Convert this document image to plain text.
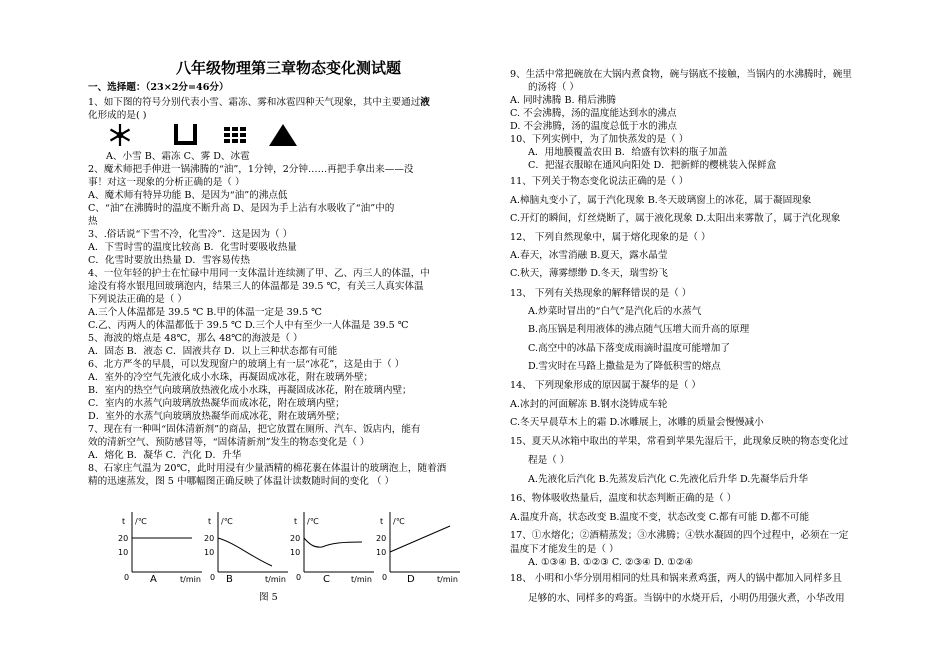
八年级物理第三章物态变化测试题
一、选择题：（23×2分=46分）
1、如下图的符号分别代表小雪、霜冻、雾和冰雹四种天气现象，其中主要通过液
化形成的是( )
A、小雪 B、霜冻 C、雾 D、冰雹
2、魔术师把手伸进一锅沸腾的“油”，1分钟，2分钟……再把手拿出来——没
事！对这一现象的分析正确的是（ ）
A、魔术师有特异功能 B、是因为“油”的沸点低
C、“油”在沸腾时的温度不断升高 D、是因为手上沾有水吸收了“油”中的
热
3、.俗话说“下雪不冷，化雪冷”．这是因为（ ）
A．下雪时雪的温度比较高 B．化雪时要吸收热量
C．化雪时要放出热量 D．雪容易传热
4、一位年轻的护士在忙碌中用同一支体温计连续测了甲、乙、丙三人的体温，中
途没有将水银甩回玻璃泡内，结果三人的体温都是 39.5 ℃，有关三人真实体温
下列说法正确的是（ ）
A.三个人体温都是 39.5 ℃ B.甲的体温一定是 39.5 ℃
C.乙、丙两人的体温都低于 39.5 ℃ D.三个人中有至少一人体温是 39.5 ℃
5、海波的熔点是 48℃，那么 48℃的海波是（ ）
A．固态 B．液态 C．固液共存 D．以上三种状态都有可能
6、北方严冬的早晨，可以发现窗户的玻璃上有一层“冰花”，这是由于（ ）
A．室外的冷空气先液化成小水珠，再凝固成冰花，附在玻璃外壁；
B．室内的热空气向玻璃放热液化成小水珠，再凝固成冰花，附在玻璃内壁；
C．室内的水蒸气向玻璃放热凝华而成冰花，附在玻璃内壁；
D．室外的水蒸气向玻璃放热凝华而成冰花，附在玻璃外壁；
7、现在有一种叫“固体清新剂”的商品，把它放置在厕所、汽车、饭店内，能有
效的清新空气、预防感冒等，“固体清新剂”发生的物态变化是（ ）
A．熔化 B．凝华 C．汽化 D．升华
8、石家庄气温为 20℃，此时用浸有少量酒精的棉花裹在体温计的玻璃泡上，随着酒
精的迅速蒸发，图 5 中哪幅图正确反映了体温计读数随时间的变化 （ ）
t /℃
20
10
0	t/min
A
t /℃
20
10
0	t/min
B
t /℃
20
10
0	t/min
C
t /℃
20
10
0	t/min
D
图 5
9、生活中常把碗放在大锅内煮食物，碗与锅底不接触，当锅内的水沸腾时，碗里
的汤将（ ）
A. 同时沸腾 B. 稍后沸腾
C. 不会沸腾，汤的温度能达到水的沸点
D. 不会沸腾，汤的温度总低于水的沸点
10、下列实例中，为了加快蒸发的是（ ）
A．用地膜覆盖农田 B．给盛有饮料的瓶子加盖
C．把湿衣服晾在通风向阳处 D．把新鲜的樱桃装入保鲜盒
11、下列关于物态变化说法正确的是（ ）
A.樟脑丸变小了，属于汽化现象 B.冬天玻璃窗上的冰花，属于凝固现象
C.开灯的瞬间，灯丝烧断了，属于液化现象 D.太阳出来雾散了，属于汽化现象
12、 下列自然现象中，属于熔化现象的是（ ）
A.春天，冰雪消融 B.夏天，露水晶莹
C.秋天，薄雾缥缈 D.冬天，瑞雪纷飞
13、 下列有关热现象的解释错误的是（ ）
A.炒菜时冒出的“白气”是汽化后的水蒸气
B.高压锅是利用液体的沸点随气压增大而升高的原理
C.高空中的冰晶下落变成雨滴时温度可能增加了
D.雪灾时在马路上撒盐是为了降低积雪的熔点
14、 下列现象形成的原因属于凝华的是（ ）
A.冰封的河面解冻 B.钢水浇铸成车轮
C.冬天早晨草木上的霜 D.冰雕展上，冰雕的质量会慢慢减小
15、夏天从冰箱中取出的苹果，常看到苹果先湿后干，此现象反映的物态变化过
程是（ ）
A.先液化后汽化 B.先蒸发后汽化 C.先液化后升华 D.先凝华后升华
16、物体吸收热量后，温度和状态判断正确的是（ ）
A.温度升高，状态改变 B.温度不变，状态改变 C.都有可能 D.都不可能
17、①水熔化；②酒精蒸发；③水沸腾；④铁水凝固的四个过程中，必须在一定
温度下才能发生的是（ ）
A. ①③④ B. ①②③ C. ②③④ D. ①②④
18、 小明和小华分别用相同的灶具和锅来煮鸡蛋，两人的锅中都加入同样多且
足够的水、同样多的鸡蛋。当锅中的水烧开后，小明仍用强火煮，小华改用
